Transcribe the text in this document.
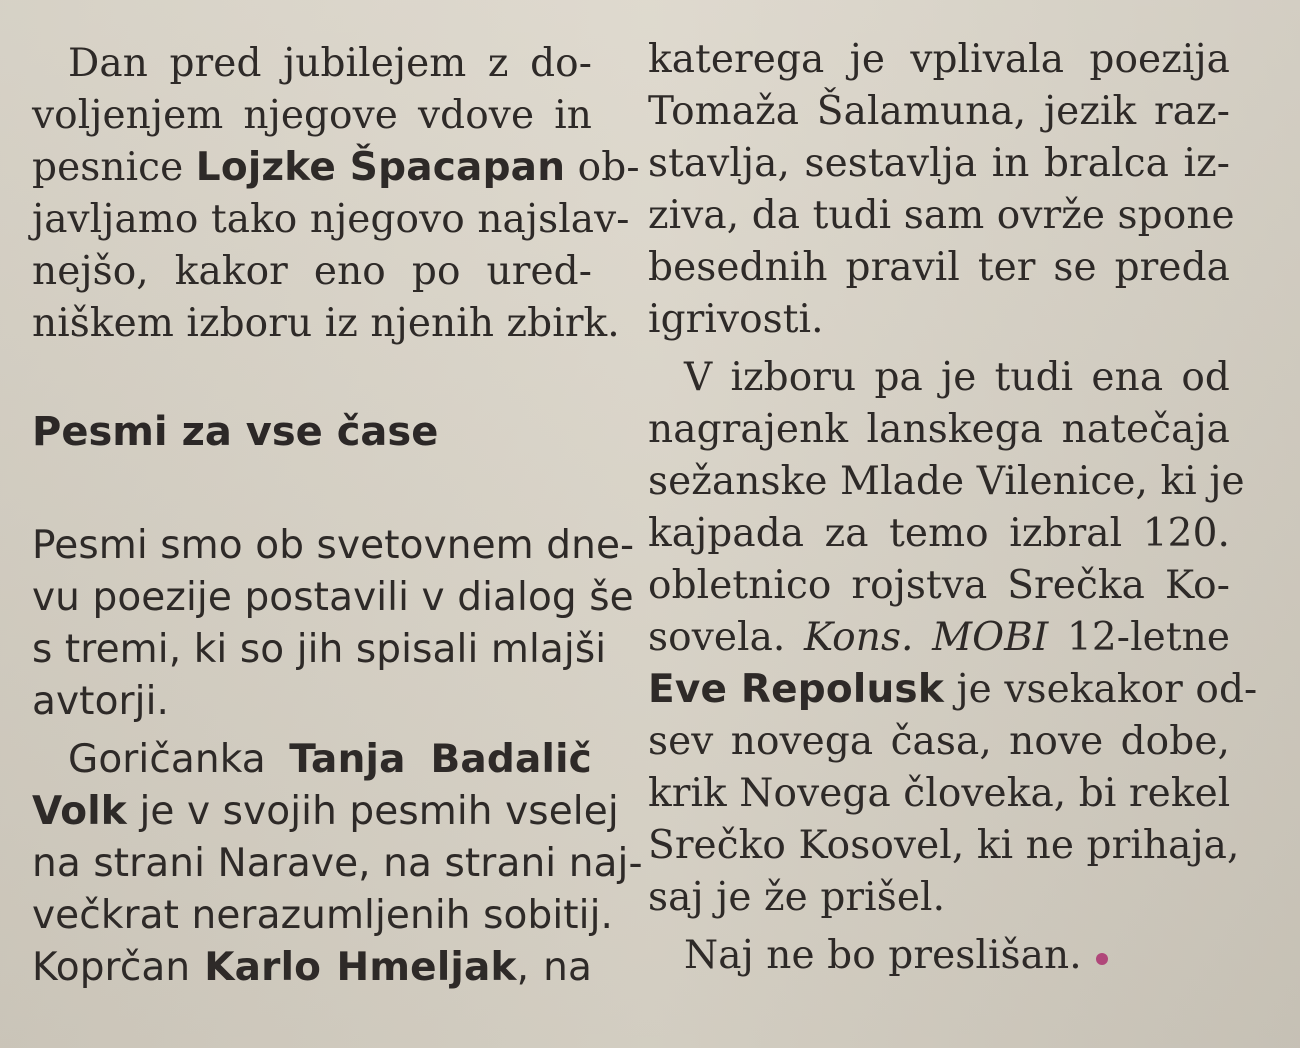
Dan pred jubilejem z do-
voljenjem njegove vdove in
pesnice Lojzke Špacapan ob-
javljamo tako njegovo najslav-
nejšo, kakor eno po ured-
niškem izboru iz njenih zbirk.
Pesmi za vse čase
Pesmi smo ob svetovnem dne-
vu poezije postavili v dialog še
s tremi, ki so jih spisali mlajši
avtorji.
Goričanka Tanja Badalič
Volk je v svojih pesmih vselej
na strani Narave, na strani naj-
večkrat nerazumljenih sobitij.
Koprčan Karlo Hmeljak, na
katerega je vplivala poezija
Tomaža Šalamuna, jezik raz-
stavlja, sestavlja in bralca iz-
ziva, da tudi sam ovrže spone
besednih pravil ter se preda
igrivosti.
V izboru pa je tudi ena od
nagrajenk lanskega natečaja
sežanske Mlade Vilenice, ki je
kajpada za temo izbral 120.
obletnico rojstva Srečka Ko-
sovela. Kons. MOBI 12-letne
Eve Repolusk je vsekakor od-
sev novega časa, nove dobe,
krik Novega človeka, bi rekel
Srečko Kosovel, ki ne prihaja,
saj je že prišel.
Naj ne bo preslišan.
